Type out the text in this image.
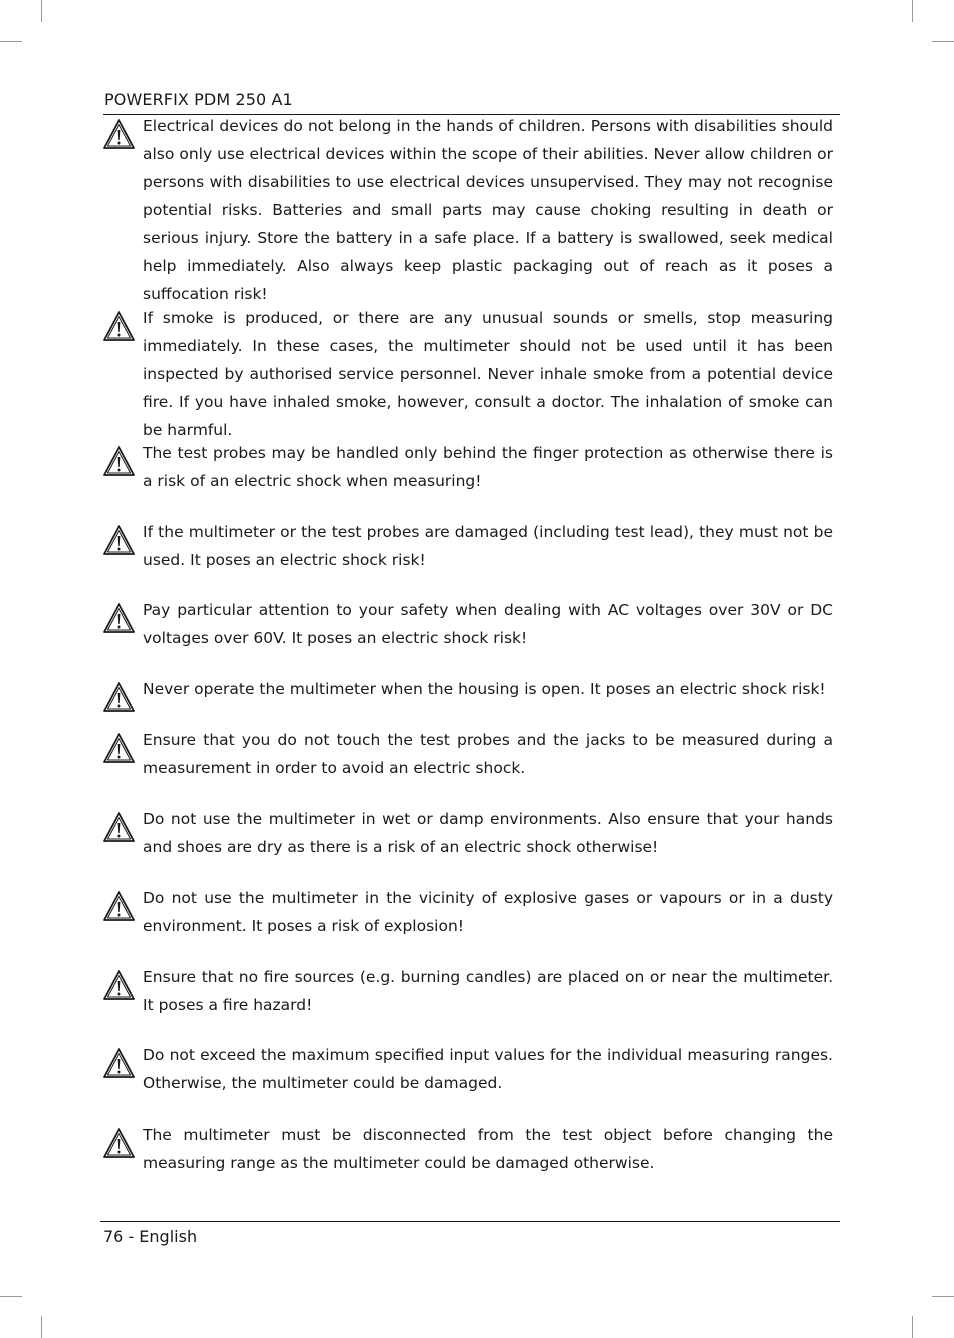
POWERFIX PDM 250 A1

Electrical devices do not belong in the hands of children. Persons with disabilities should also only use electrical devices within the scope of their abilities. Never allow children or persons with disabilities to use electrical devices unsupervised. They may not recognise potential risks. Batteries and small parts may cause choking resulting in death or serious injury. Store the battery in a safe place. If a battery is swallowed, seek medical help immediately. Also always keep plastic packaging out of reach as it poses a suffocation risk!

If smoke is produced, or there are any unusual sounds or smells, stop measuring immediately. In these cases, the multimeter should not be used until it has been inspected by authorised service personnel. Never inhale smoke from a potential device fire. If you have inhaled smoke, however, consult a doctor. The inhalation of smoke can be harmful.

The test probes may be handled only behind the finger protection as otherwise there is a risk of an electric shock when measuring!

If the multimeter or the test probes are damaged (including test lead), they must not be used. It poses an electric shock risk!

Pay particular attention to your safety when dealing with AC voltages over 30V or DC voltages over 60V. It poses an electric shock risk!

Never operate the multimeter when the housing is open. It poses an electric shock risk!

Ensure that you do not touch the test probes and the jacks to be measured during a measurement in order to avoid an electric shock.

Do not use the multimeter in wet or damp environments. Also ensure that your hands and shoes are dry as there is a risk of an electric shock otherwise!

Do not use the multimeter in the vicinity of explosive gases or vapours or in a dusty environment. It poses a risk of explosion!

Ensure that no fire sources (e.g. burning candles) are placed on or near the multimeter. It poses a fire hazard!

Do not exceed the maximum specified input values for the individual measuring ranges. Otherwise, the multimeter could be damaged.

The multimeter must be disconnected from the test object before changing the measuring range as the multimeter could be damaged otherwise.

76 - English
